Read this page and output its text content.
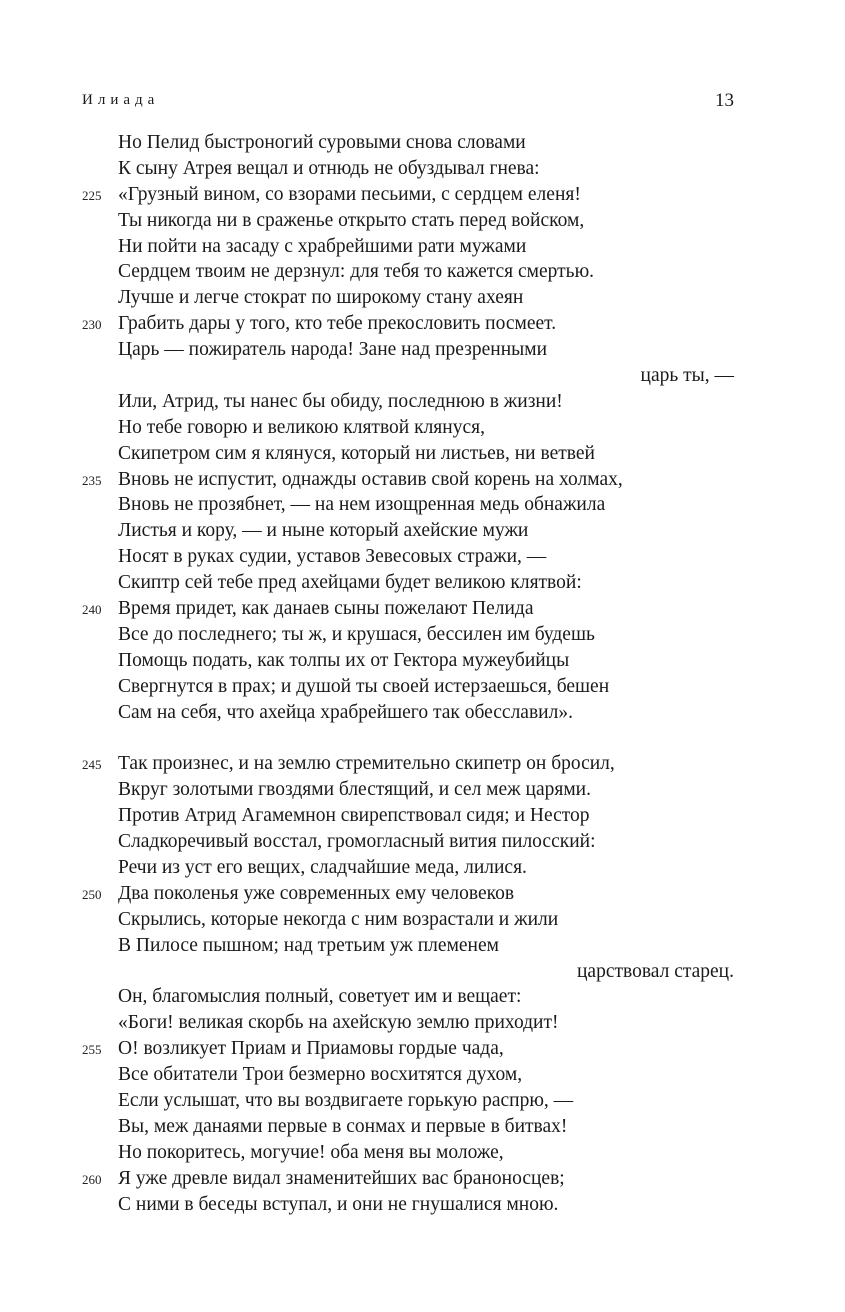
Илиада	13
Но Пелид быстроногий суровыми снова словами
К сыну Атрея вещал и отнюдь не обуздывал гнева:
225 «Грузный вином, со взорами песьими, с сердцем еленя!
Ты никогда ни в сраженье открыто стать перед войском,
Ни пойти на засаду с храбрейшими рати мужами
Сердцем твоим не дерзнул: для тебя то кажется смертью.
Лучше и легче стократ по широкому стану ахеян
230 Грабить дары у того, кто тебе прекословить посмеет.
Царь — пожиратель народа! Зане над презренными
царь ты, —
Или, Атрид, ты нанес бы обиду, последнюю в жизни!
Но тебе говорю и великою клятвой клянуся,
Скипетром сим я клянуся, который ни листьев, ни ветвей
235 Вновь не испустит, однажды оставив свой корень на холмах,
Вновь не прозябнет, — на нем изощренная медь обнажила
Листья и кору, — и ныне который ахейские мужи
Носят в руках судии, уставов Зевесовых стражи, —
Скиптр сей тебе пред ахейцами будет великою клятвой:
240 Время придет, как данаев сыны пожелают Пелида
Все до последнего; ты ж, и крушася, бессилен им будешь
Помощь подать, как толпы их от Гектора мужеубийцы
Свергнутся в прах; и душой ты своей истерзаешься, бешен
Сам на себя, что ахейца храбрейшего так обесславил».
245 Так произнес, и на землю стремительно скипетр он бросил,
Вкруг золотыми гвоздями блестящий, и сел меж царями.
Против Атрид Агамемнон свирепствовал сидя; и Нестор
Сладкоречивый восстал, громогласный вития пилосский:
Речи из уст его вещих, сладчайшие меда, лилися.
250 Два поколенья уже современных ему человеков
Скрылись, которые некогда с ним возрастали и жили
В Пилосе пышном; над третьим уж племенем
царствовал старец.
Он, благомыслия полный, советует им и вещает:
«Боги! великая скорбь на ахейскую землю приходит!
255 О! возликует Приам и Приамовы гордые чада,
Все обитатели Трои безмерно восхитятся духом,
Если услышат, что вы воздвигаете горькую распрю, —
Вы, меж данаями первые в сонмах и первые в битвах!
Но покоритесь, могучие! оба меня вы моложе,
260 Я уже древле видал знаменитейших вас браноносцев;
С ними в беседы вступал, и они не гнушалися мною.
